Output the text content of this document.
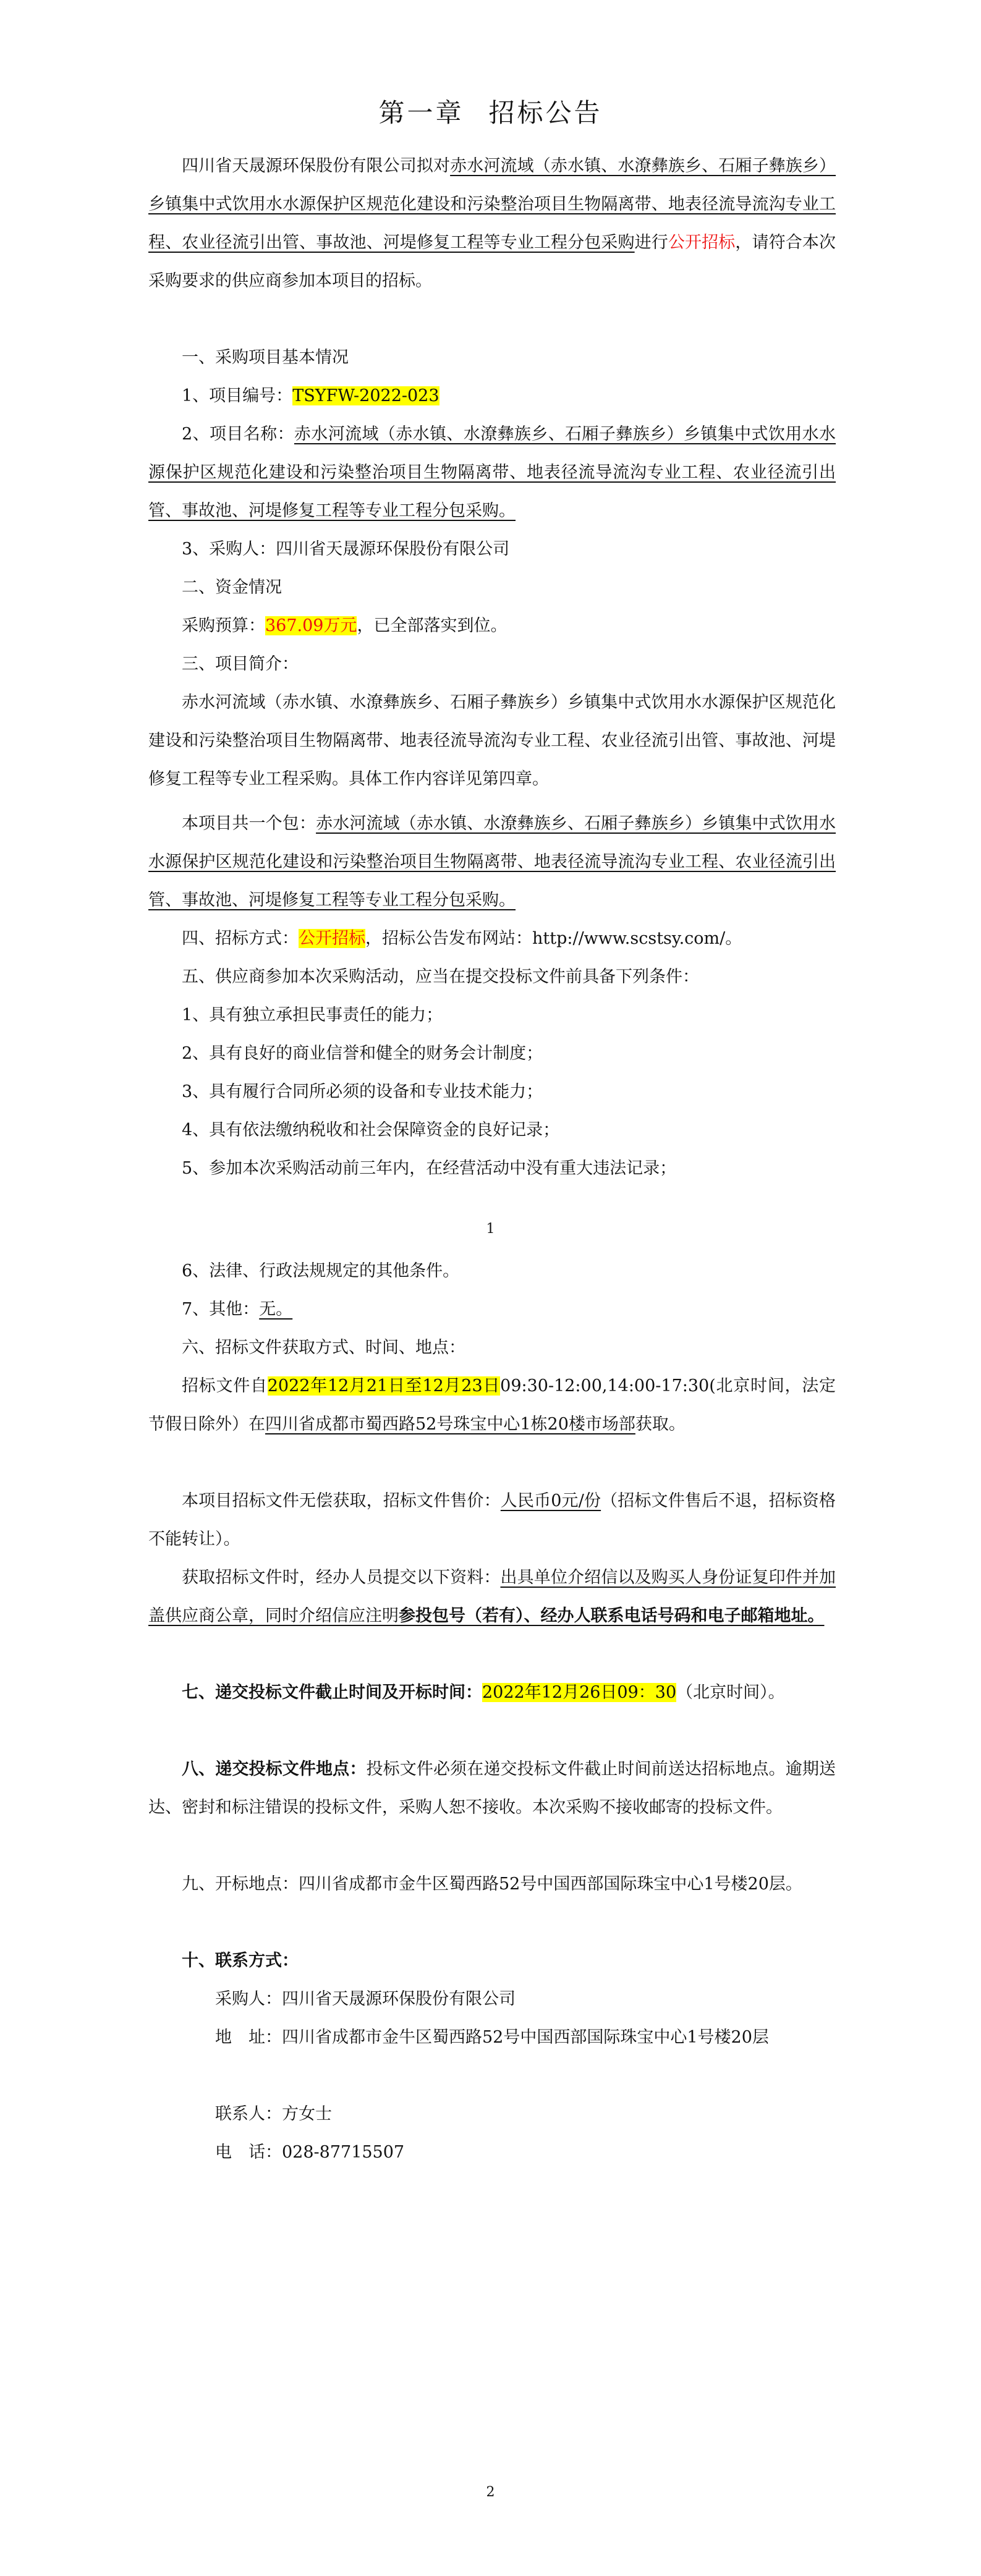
第一章 招标公告
四川省天晟源环保股份有限公司拟对赤水河流域（赤水镇、水潦彝族乡、石厢子彝族乡）乡镇集中式饮用水水源保护区规范化建设和污染整治项目生物隔离带、地表径流导流沟专业工程、农业径流引出管、事故池、河堤修复工程等专业工程分包采购进行公开招标，请符合本次采购要求的供应商参加本项目的招标。
一、采购项目基本情况
1、项目编号：TSYFW-2022-023
2、项目名称：赤水河流域（赤水镇、水潦彝族乡、石厢子彝族乡）乡镇集中式饮用水水源保护区规范化建设和污染整治项目生物隔离带、地表径流导流沟专业工程、农业径流引出管、事故池、河堤修复工程等专业工程分包采购。
3、采购人：四川省天晟源环保股份有限公司
二、资金情况
采购预算：367.09万元，已全部落实到位。
三、项目简介：
赤水河流域（赤水镇、水潦彝族乡、石厢子彝族乡）乡镇集中式饮用水水源保护区规范化建设和污染整治项目生物隔离带、地表径流导流沟专业工程、农业径流引出管、事故池、河堤修复工程等专业工程采购。具体工作内容详见第四章。
本项目共一个包：赤水河流域（赤水镇、水潦彝族乡、石厢子彝族乡）乡镇集中式饮用水水源保护区规范化建设和污染整治项目生物隔离带、地表径流导流沟专业工程、农业径流引出管、事故池、河堤修复工程等专业工程分包采购。
四、招标方式：公开招标，招标公告发布网站：http://www.scstsy.com/。
五、供应商参加本次采购活动，应当在提交投标文件前具备下列条件：
1、具有独立承担民事责任的能力；
2、具有良好的商业信誉和健全的财务会计制度；
3、具有履行合同所必须的设备和专业技术能力；
4、具有依法缴纳税收和社会保障资金的良好记录；
5、参加本次采购活动前三年内，在经营活动中没有重大违法记录；
1
6、法律、行政法规规定的其他条件。
7、其他：无。
六、招标文件获取方式、时间、地点：
招标文件自2022年12月21日至12月23日09:30-12:00,14:00-17:30(北京时间，法定节假日除外）在四川省成都市蜀西路52号珠宝中心1栋20楼市场部获取。
本项目招标文件无偿获取，招标文件售价：人民币0元/份（招标文件售后不退，招标资格不能转让）。
获取招标文件时，经办人员提交以下资料：出具单位介绍信以及购买人身份证复印件并加盖供应商公章，同时介绍信应注明参投包号（若有）、经办人联系电话号码和电子邮箱地址。
七、递交投标文件截止时间及开标时间：2022年12月26日09：30（北京时间）。
八、递交投标文件地点：投标文件必须在递交投标文件截止时间前送达招标地点。逾期送达、密封和标注错误的投标文件，采购人恕不接收。本次采购不接收邮寄的投标文件。
九、开标地点：四川省成都市金牛区蜀西路52号中国西部国际珠宝中心1号楼20层。
十、联系方式：
采购人：四川省天晟源环保股份有限公司
地　址：四川省成都市金牛区蜀西路52号中国西部国际珠宝中心1号楼20层
联系人：方女士
电　话：028-87715507
2
